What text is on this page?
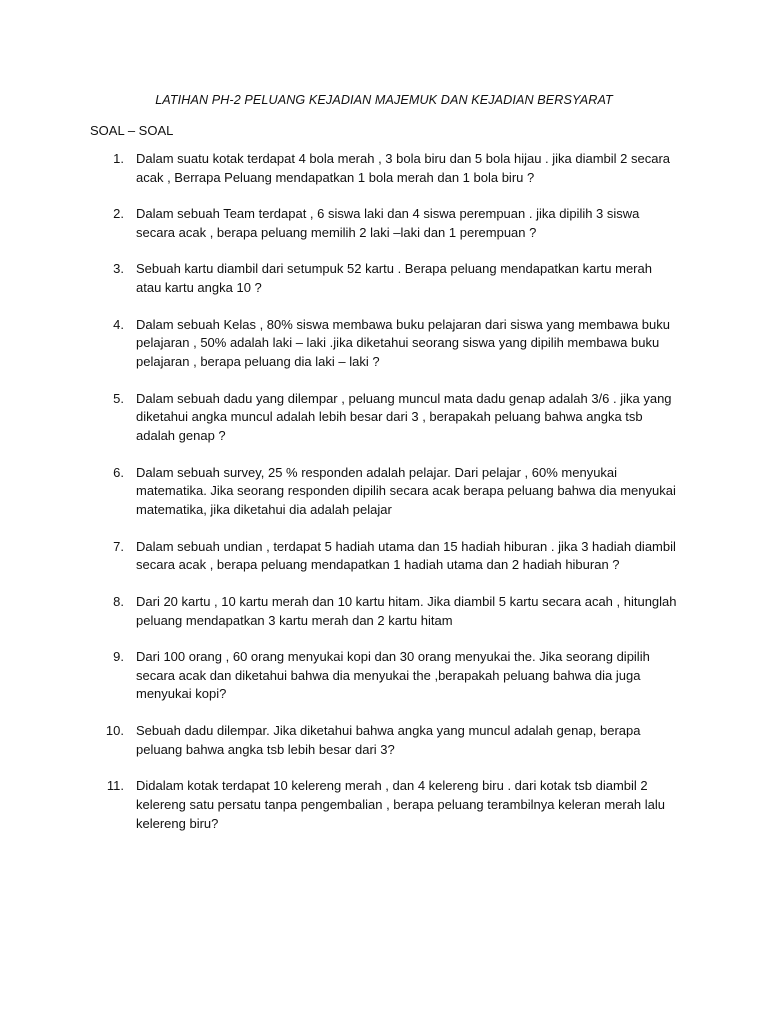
LATIHAN PH-2 PELUANG KEJADIAN MAJEMUK DAN KEJADIAN BERSYARAT
SOAL – SOAL
1. Dalam suatu kotak terdapat 4 bola merah , 3 bola biru dan 5 bola hijau . jika diambil 2 secara acak , Berrapa Peluang mendapatkan 1 bola merah dan 1 bola biru ?
2. Dalam sebuah Team terdapat , 6 siswa laki dan 4 siswa perempuan . jika dipilih 3 siswa secara acak , berapa peluang memilih 2 laki –laki dan 1 perempuan ?
3. Sebuah kartu diambil dari setumpuk 52 kartu . Berapa peluang mendapatkan kartu merah atau kartu angka 10 ?
4. Dalam sebuah Kelas , 80% siswa membawa buku pelajaran dari siswa yang membawa buku pelajaran , 50% adalah laki – laki .jika diketahui seorang siswa yang dipilih membawa buku pelajaran , berapa peluang dia laki – laki ?
5. Dalam sebuah dadu yang dilempar , peluang muncul mata dadu genap adalah 3/6 . jika yang diketahui angka muncul adalah lebih besar dari 3 , berapakah peluang bahwa angka tsb adalah genap ?
6. Dalam sebuah survey, 25 % responden adalah pelajar. Dari pelajar , 60% menyukai matematika. Jika seorang responden dipilih secara acak berapa peluang bahwa dia menyukai matematika, jika diketahui dia adalah pelajar
7. Dalam sebuah undian , terdapat 5 hadiah utama dan 15 hadiah hiburan . jika 3 hadiah diambil secara acak , berapa peluang mendapatkan 1 hadiah utama dan 2 hadiah hiburan ?
8. Dari 20 kartu , 10 kartu merah dan 10 kartu hitam. Jika diambil 5 kartu secara acah , hitunglah peluang mendapatkan 3 kartu merah dan 2 kartu hitam
9. Dari 100 orang , 60 orang menyukai kopi dan 30 orang menyukai the. Jika seorang dipilih secara acak dan diketahui bahwa dia menyukai the ,berapakah peluang bahwa dia juga menyukai kopi?
10. Sebuah dadu dilempar. Jika diketahui bahwa angka yang muncul adalah genap, berapa peluang bahwa angka tsb lebih besar dari 3?
11. Didalam kotak terdapat 10 kelereng merah , dan 4 kelereng biru . dari kotak tsb diambil 2 kelereng satu persatu tanpa pengembalian , berapa peluang terambilnya keleran merah lalu kelereng biru?
